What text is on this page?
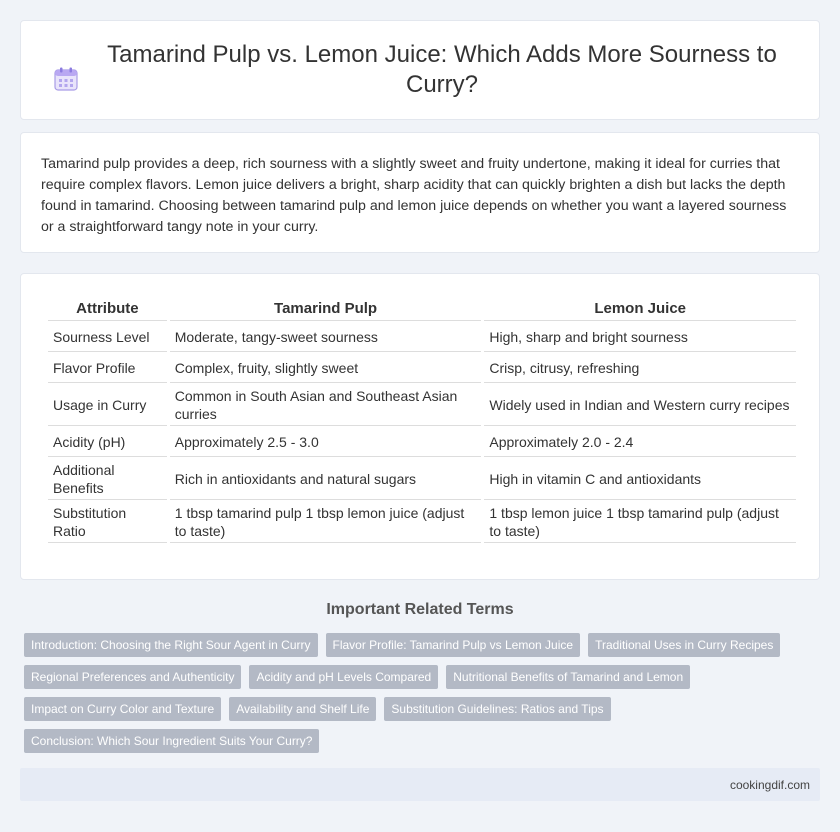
Tamarind Pulp vs. Lemon Juice: Which Adds More Sourness to Curry?

Tamarind pulp provides a deep, rich sourness with a slightly sweet and fruity undertone, making it ideal for curries that require complex flavors. Lemon juice delivers a bright, sharp acidity that can quickly brighten a dish but lacks the depth found in tamarind. Choosing between tamarind pulp and lemon juice depends on whether you want a layered sourness or a straightforward tangy note in your curry.

Attribute	Tamarind Pulp	Lemon Juice
Sourness Level	Moderate, tangy-sweet sourness	High, sharp and bright sourness
Flavor Profile	Complex, fruity, slightly sweet	Crisp, citrusy, refreshing
Usage in Curry	Common in South Asian and Southeast Asian curries	Widely used in Indian and Western curry recipes
Acidity (pH)	Approximately 2.5 - 3.0	Approximately 2.0 - 2.4
Additional Benefits	Rich in antioxidants and natural sugars	High in vitamin C and antioxidants
Substitution Ratio	1 tbsp tamarind pulp 1 tbsp lemon juice (adjust to taste)	1 tbsp lemon juice 1 tbsp tamarind pulp (adjust to taste)
Important Related Terms
Introduction: Choosing the Right Sour Agent in Curry	Flavor Profile: Tamarind Pulp vs Lemon Juice	Traditional Uses in Curry Recipes
Regional Preferences and Authenticity	Acidity and pH Levels Compared	Nutritional Benefits of Tamarind and Lemon
Impact on Curry Color and Texture	Availability and Shelf Life	Substitution Guidelines: Ratios and Tips
Conclusion: Which Sour Ingredient Suits Your Curry?
cookingdif.com
